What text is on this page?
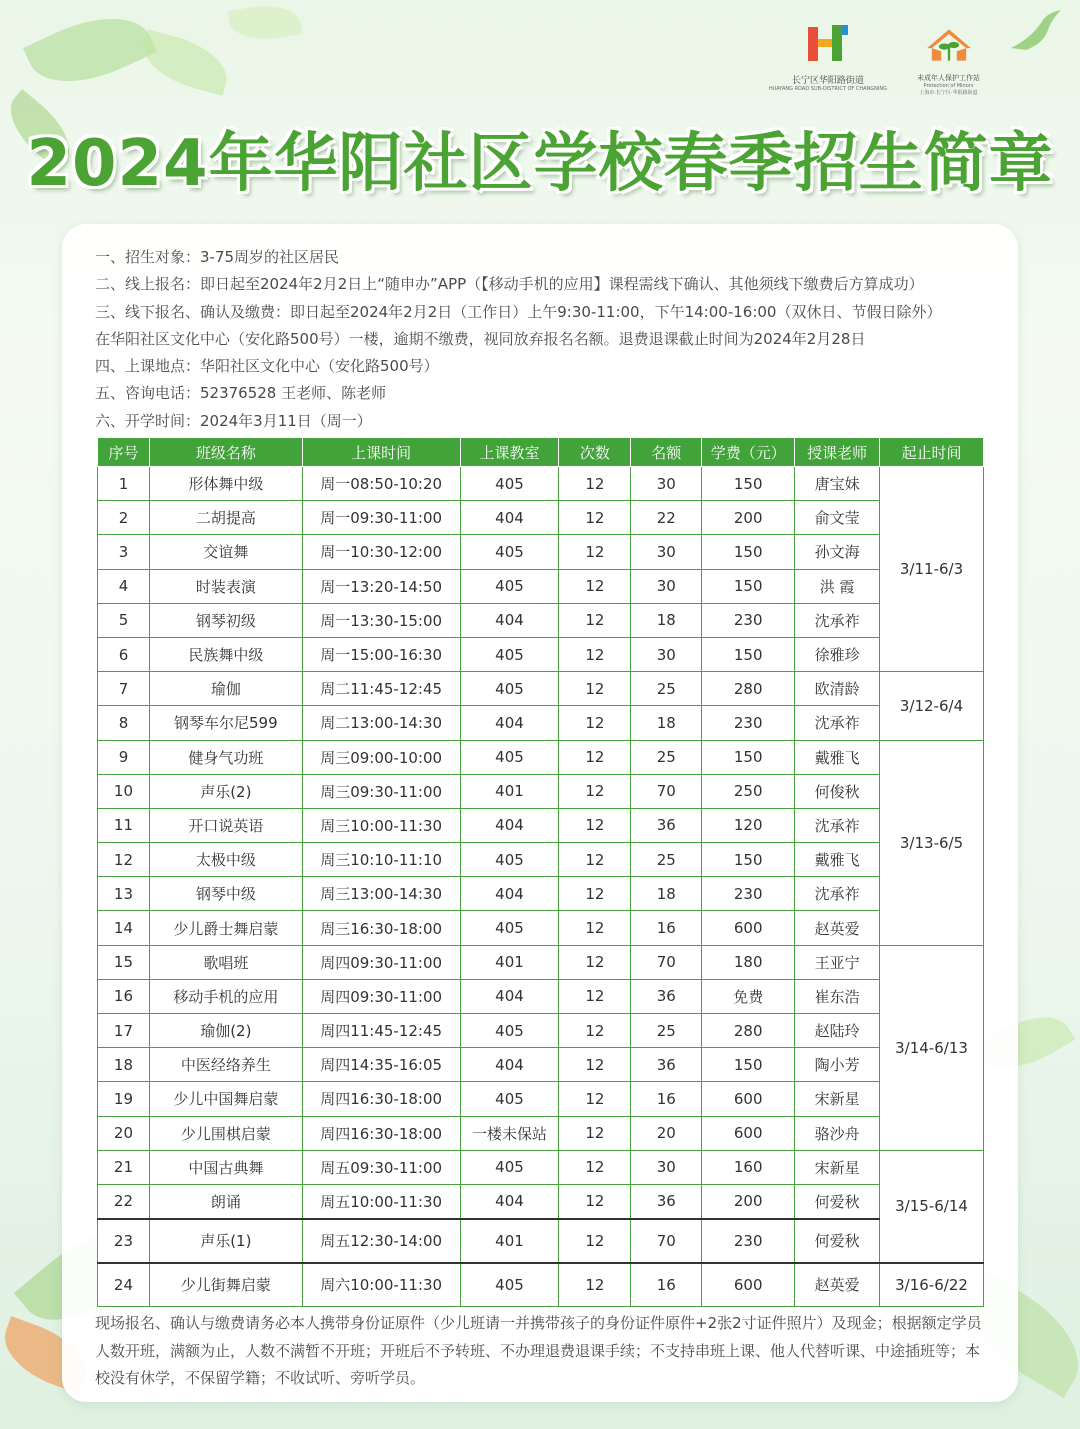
长宁区华阳路街道
HUAYANG ROAD SUB-DISTRICT OF CHANGNING
未成年人保护工作站
Protection of Minors
上海市·长宁区·华阳路街道
2024年华阳社区学校春季招生简章
一、招生对象：3-75周岁的社区居民
二、线上报名：即日起至2024年2月2日上“随申办”APP（【移动手机的应用】课程需线下确认、其他须线下缴费后方算成功）
三、线下报名、确认及缴费：即日起至2024年2月2日（工作日）上午9:30-11:00，下午14:00-16:00（双休日、节假日除外）
在华阳社区文化中心（安化路500号）一楼，逾期不缴费，视同放弃报名名额。退费退课截止时间为2024年2月28日
四、上课地点：华阳社区文化中心（安化路500号）
五、咨询电话：52376528 王老师、陈老师
六、开学时间：2024年3月11日（周一）
序号	班级名称	上课时间	上课教室	次数	名额	学费（元）	授课老师	起止时间
1	形体舞中级	周一08:50-10:20	405	12	30	150	唐宝妹	3/11-6/3
2	二胡提高	周一09:30-11:00	404	12	22	200	俞文莹	
3	交谊舞	周一10:30-12:00	405	12	30	150	孙文海	
4	时装表演	周一13:20-14:50	405	12	30	150	洪 霞	
5	钢琴初级	周一13:30-15:00	404	12	18	230	沈承祚	
6	民族舞中级	周一15:00-16:30	405	12	30	150	徐雅珍	
7	瑜伽	周二11:45-12:45	405	12	25	280	欧清龄	3/12-6/4
8	钢琴车尔尼599	周二13:00-14:30	404	12	18	230	沈承祚	
9	健身气功班	周三09:00-10:00	405	12	25	150	戴雅飞	3/13-6/5
10	声乐(2)	周三09:30-11:00	401	12	70	250	何俊秋	
11	开口说英语	周三10:00-11:30	404	12	36	120	沈承祚	
12	太极中级	周三10:10-11:10	405	12	25	150	戴雅飞	
13	钢琴中级	周三13:00-14:30	404	12	18	230	沈承祚	
14	少儿爵士舞启蒙	周三16:30-18:00	405	12	16	600	赵英爱	
15	歌唱班	周四09:30-11:00	401	12	70	180	王亚宁	3/14-6/13
16	移动手机的应用	周四09:30-11:00	404	12	36	免费	崔东浩	
17	瑜伽(2)	周四11:45-12:45	405	12	25	280	赵陆玲	
18	中医经络养生	周四14:35-16:05	404	12	36	150	陶小芳	
19	少儿中国舞启蒙	周四16:30-18:00	405	12	16	600	宋新星	
20	少儿围棋启蒙	周四16:30-18:00	一楼未保站	12	20	600	骆沙舟	
21	中国古典舞	周五09:30-11:00	405	12	30	160	宋新星	3/15-6/14
22	朗诵	周五10:00-11:30	404	12	36	200	何爱秋	
23	声乐(1)	周五12:30-14:00	401	12	70	230	何爱秋	
24	少儿街舞启蒙	周六10:00-11:30	405	12	16	600	赵英爱	3/16-6/22
现场报名、确认与缴费请务必本人携带身份证原件（少儿班请一并携带孩子的身份证件原件+2张2寸证件照片）及现金；根据额定学员人数开班，满额为止，人数不满暂不开班；开班后不予转班、不办理退费退课手续；不支持串班上课、他人代替听课、中途插班等；本校没有休学，不保留学籍；不收试听、旁听学员。
